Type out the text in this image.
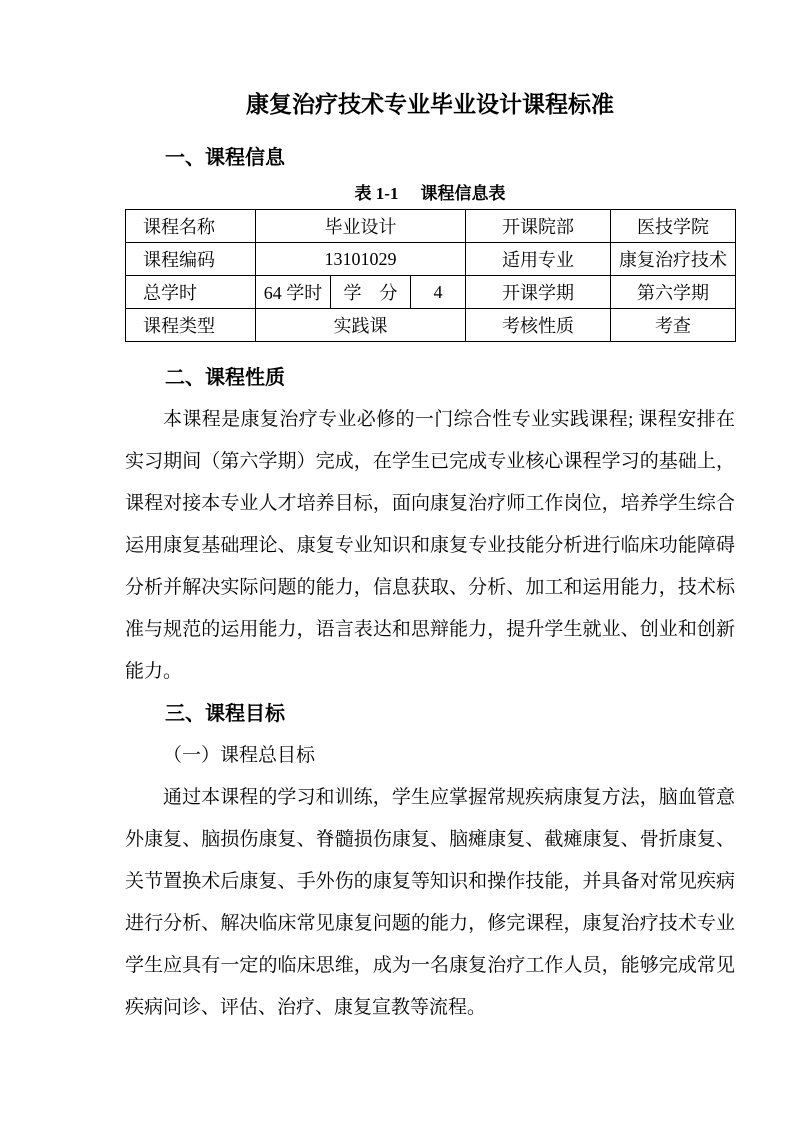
康复治疗技术专业毕业设计课程标准
一、课程信息
表 1-1 课程信息表
课程名称	毕业设计			开课院部	医技学院
课程编码	13101029			适用专业	康复治疗技术
总学时	64 学时	学　分	4	开课学期	第六学期
课程类型	实践课			考核性质	考查
二、课程性质

本课程是康复治疗专业必修的一门综合性专业实践课程; 课程安排在实习期间（第六学期）完成，在学生已完成专业核心课程学习的基础上，课程对接本专业人才培养目标，面向康复治疗师工作岗位，培养学生综合运用康复基础理论、康复专业知识和康复专业技能分析进行临床功能障碍分析并解决实际问题的能力，信息获取、分析、加工和运用能力，技术标准与规范的运用能力，语言表达和思辩能力，提升学生就业、创业和创新能力。

三、课程目标
（一）课程总目标

通过本课程的学习和训练，学生应掌握常规疾病康复方法，脑血管意外康复、脑损伤康复、脊髓损伤康复、脑瘫康复、截瘫康复、骨折康复、关节置换术后康复、手外伤的康复等知识和操作技能，并具备对常见疾病进行分析、解决临床常见康复问题的能力，修完课程，康复治疗技术专业学生应具有一定的临床思维，成为一名康复治疗工作人员，能够完成常见疾病问诊、评估、治疗、康复宣教等流程。
